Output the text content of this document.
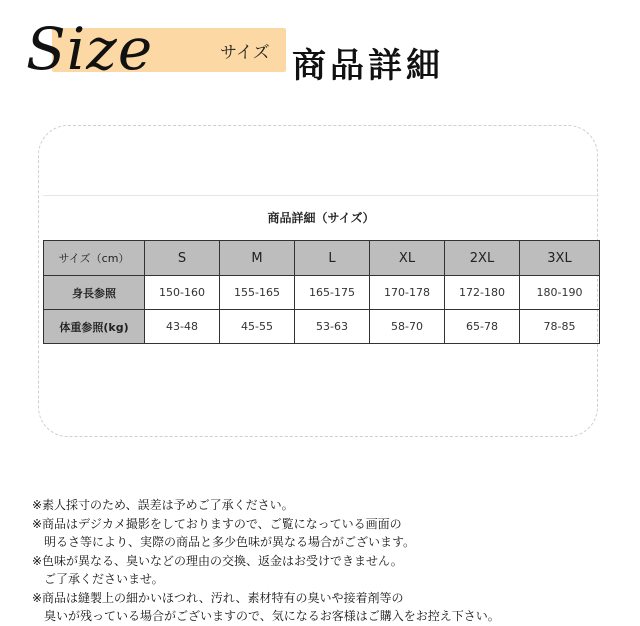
Size	サイズ 商品詳細
商品詳細（サイズ）
サイズ（cm）	S	M	L	XL	2XL	3XL
身長参照	150-160	155-165	165-175	170-178	172-180	180-190
体重参照(kg)	43-48	45-55	53-63	58-70	65-78	78-85
※素人採寸のため、誤差は予めご了承ください。
※商品はデジカメ撮影をしておりますので、ご覧になっている画面の
明るさ等により、実際の商品と多少色味が異なる場合がございます。
※色味が異なる、臭いなどの理由の交換、返金はお受けできません。
ご了承くださいませ。
※商品は縫製上の細かいほつれ、汚れ、素材特有の臭いや接着剤等の
臭いが残っている場合がございますので、気になるお客様はご購入をお控え下さい。
